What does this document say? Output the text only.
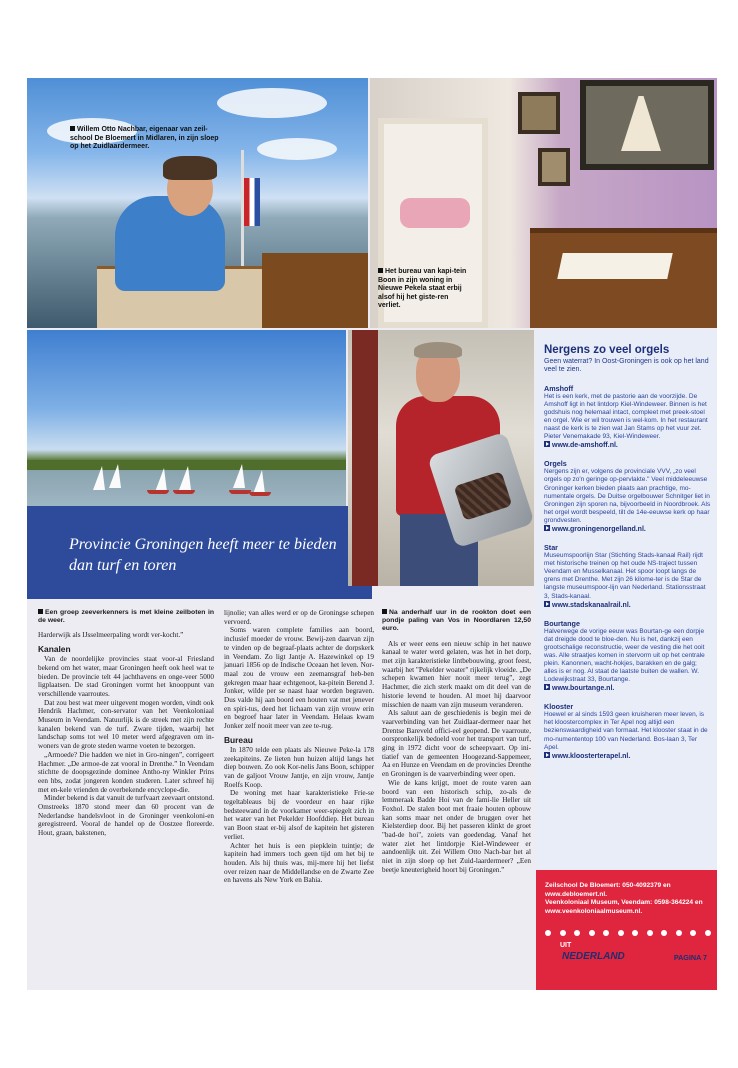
Willem Otto Nachbar, eigenaar van zeil-school De Bloemert in Midlaren, in zijn sloep op het Zuidlaardermeer.
Het bureau van kapi-tein Boon in zijn woning in Nieuwe Pekela staat erbij alsof hij het giste-ren verliet.
Provincie Groningen heeft meer te bieden dan turf en toren

Een groep zeeverkenners is met kleine zeilboten in de weer.

Harderwijk als IJsselmeerpaling wordt ver-kocht.”

Kanalen

Van de noordelijke provincies staat voor-al Friesland bekend om het water, maar Groningen heeft ook heel wat te bieden. De provincie telt 44 jachthavens en onge-veer 5000 ligplaatsen. De stad Groningen vormt het knooppunt van verschillende vaarroutes.

Dat zou best wat meer uitgevent mogen worden, vindt ook Hendrik Hachmer, con-servator van het Veenkoloniaal Museum in Veendam. Natuurlijk is de streek met zijn rechte kanalen bekend van de turf. Zware tijden, waarbij het landschap soms tot wel 10 meter werd afgegraven om in-woners van de grote steden warme voeten te bezorgen.

„Armoede? Die hadden we niet in Gro-ningen”, corrigeert Hachmer. „De armoe-de zat vooral in Drenthe.” In Veendam stichtte de doopsgezinde dominee Antho-ny Winkler Prins een hbs, zodat jongeren konden studeren. Later schreef hij met en-kele vrienden de overbekende encyclope-die.

Minder bekend is dat vanuit de turfvaart zeevaart ontstond. Omstreeks 1870 stond meer dan 60 procent van de Nederlandse handelsvloot in de Groninger veenkoloni-en geregistreerd. Vooral de handel op de Oostzee floreerde. Hout, graan, bakstenen,

lijnolie; van alles werd er op de Groningse schepen vervoerd.

Soms waren complete families aan boord, inclusief moeder de vrouw. Bewij-zen daarvan zijn te vinden op de begraaf-plaats achter de dorpskerk in Veendam. Zo ligt Jantje A. Hazewinkel op 19 januari 1856 op de Indische Oceaan het leven. Nor-maal zou de vrouw een zeemansgraf heb-ben gekregen maar haar echtgenoot, ka-pitein Berend J. Jonker, wilde per se naast haar worden begraven. Dus valde hij aan boord een houten vat met jenever en spiri-tus, deed het lichaam van zijn vrouw erin en begroef haar later in Veendam. Helaas kwam Jonker zelf nooit meer van zee te-rug.

Bureau

In 1870 telde een plaats als Nieuwe Peke-la 178 zeekapiteins. Ze lieten hun huizen altijd langs het diep bouwen. Zo ook Kor-nelis Jans Boon, schipper van de galjoot Vrouw Jantje, en zijn vrouw, Jantje Roelfs Koop.

De woning met haar karakteristieke Frie-se tegeltableaus bij de voordeur en haar rijke bedsteewand in de voorkamer weer-spiegelt zich in het water van het Pekelder Hoofddiep. Het bureau van Boon staat er-bij alsof de kapitein het gisteren verliet.

Achter het huis is een piepklein tuintje; de kapitein had immers toch geen tijd om het bij te houden. Als hij thuis was, mij-mere hij het liefst over reizen naar de Middellandse en de Zwarte Zee en havens als New York en Bahia.

Na anderhalf uur in de rookton doet een pondje paling van Vos in Noordlaren 12,50 euro.

Als er weer eens een nieuw schip in het nauwe kanaal te water werd gelaten, was het in het dorp, met zijn karakteristieke lintbebouwing, groot feest, waarbij het "Pekelder woater" rijkelijk vloeide. „De schepen kwamen hier nooit meer terug”, zegt Hachmer, die zich sterk maakt om dit deel van de historie levend te houden. Al moet hij daarvoor misschien de naam van zijn museum veranderen.

Als saluut aan de geschiedenis is begin mei de vaarverbinding van het Zuidlaar-dermeer naar het Drentse Bareveld offici-eel geopend. De vaarroute, oorspronkelijk bedoeld voor het transport van turf, ging in 1972 dicht voor de scheepvaart. Op ini-tiatief van de gemeenten Hoogezand-Sappemeer, Aa en Hunze en Veendam en de provincies Drenthe en Groningen is de vaarverbinding weer open.

Wie de kans krijgt, moet de route varen aan boord van een historisch schip, zo-als de lemmeraak Badde Hoi van de fami-lie Heller uit Foxhol. De stalen boot met fraaie houten opbouw kan soms maar net onder de bruggen over het Kielsterdiep door. Bij het passeren klinkt de groet "bad-de hoi", zoiets van goedendag. Vanaf het water ziet het lintdorpje Kiel-Windeweer er aandoenlijk uit. Zei Willem Otto Nach-bar het al niet in zijn sloep op het Zuid-laardermeer? „Een beetje kneuterigheid hoort bij Groningen.”

Nergens zo veel orgels
Geen waterrat? In Oost-Groningen is ook op het land veel te zien.
Amshoff
Het is een kerk, met de pastorie aan de voorzijde. De Amshoff ligt in het lintdorp Kiel-Windeweer. Binnen is het godshuis nog helemaal intact, compleet met preek-stoel en orgel. Wie er wil trouwen is wel-kom. In het restaurant naast de kerk is te zien wat Jan Stams op het vuur zet. Pieter Venemakade 93, Kiel-Windeweer.
www.de-amshoff.nl.
Orgels
Nergens zijn er, volgens de provinciale VVV, „zo veel orgels op zo'n geringe op-pervlakte." Veel middeleeuwse Groninger kerken bieden plaats aan prachtige, mo-numentale orgels. De Duitse orgelbouwer Schnitger liet in Groningen zijn sporen na, bijvoorbeeld in Noordbroek. Als het orgel wordt bespeeld, tilt de 14e-eeuwse kerk op haar grondvesten.
www.groningenorgelland.nl.
Star
Museumspoorlijn Star (Stichting Stads-kanaal Rail) rijdt met historische treinen op het oude NS-traject tussen Veendam en Musselkanaal. Het spoor loopt langs de grens met Drenthe. Met zijn 26 kilome-ter is de Star de langste museumspoor-lijn van Nederland. Stationsstraat 3, Stads-kanaal.
www.stadskanaalrail.nl.
Bourtange
Halverwege de vorige eeuw was Bourtan-ge een dorpje dat dreigde dood te bloe-den. Nu is het, dankzij een grootschalige reconstructie, weer de vesting die het ooit was. Alle straatjes komen in stervorm uit op het centrale plein. Kanonnen, wacht-hokjes, barakken en de galg; alles is er nog. Al staat de laatste buiten de wallen. W. Lodewijkstraat 33, Bourtange.
www.bourtange.nl.
Klooster
Hoewel er al sinds 1593 geen kruisheren meer leven, is het kloostercomplex in Ter Apel nog altijd een bezienswaardigheid van formaat. Het klooster staat in de mo-numententop 100 van Nederland. Bos-laan 3, Ter Apel.
www.kloosterterapel.nl.
Zeilschool De Bloemert: 050-4092379 en www.debloemert.nl.
Veenkoloniaal Museum, Veendam: 0598-364224 en www.veenkoloniaalmuseum.nl.
UIT
NEDERLAND	PAGINA 7
